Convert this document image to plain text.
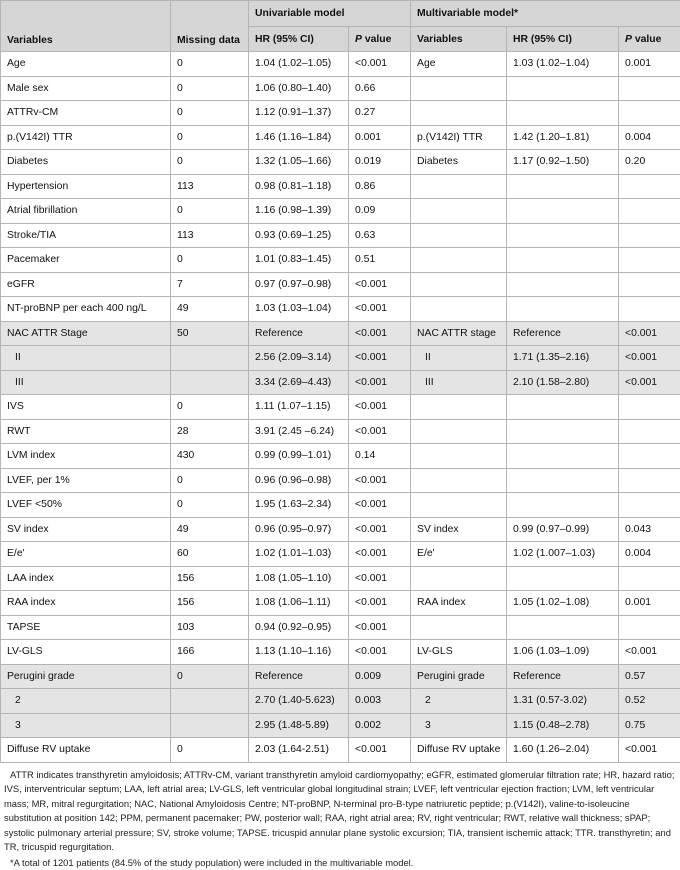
Variables	Missing data	Univariable model		Multivariable model*		
		HR (95% CI)	P value	Variables	HR (95% CI)	P value
Age	0	1.04 (1.02–1.05)	<0.001	Age	1.03 (1.02–1.04)	0.001
Male sex	0	1.06 (0.80–1.40)	0.66			
ATTRv-CM	0	1.12 (0.91–1.37)	0.27			
p.(V142I) TTR	0	1.46 (1.16–1.84)	0.001	p.(V142I) TTR	1.42 (1.20–1.81)	0.004
Diabetes	0	1.32 (1.05–1.66)	0.019	Diabetes	1.17 (0.92–1.50)	0.20
Hypertension	113	0.98 (0.81–1.18)	0.86			
Atrial fibrillation	0	1.16 (0.98–1.39)	0.09			
Stroke/TIA	113	0.93 (0.69–1.25)	0.63			
Pacemaker	0	1.01 (0.83–1.45)	0.51			
eGFR	7	0.97 (0.97–0.98)	<0.001			
NT-proBNP per each 400 ng/L	49	1.03 (1.03–1.04)	<0.001			
NAC ATTR Stage	50	Reference	<0.001	NAC ATTR stage	Reference	<0.001
II		2.56 (2.09–3.14)	<0.001	II	1.71 (1.35–2.16)	<0.001
III		3.34 (2.69–4.43)	<0.001	III	2.10 (1.58–2.80)	<0.001
IVS	0	1.11 (1.07–1.15)	<0.001			
RWT	28	3.91 (2.45 –6.24)	<0.001			
LVM index	430	0.99 (0.99–1.01)	0.14			
LVEF, per 1%	0	0.96 (0.96–0.98)	<0.001			
LVEF <50%	0	1.95 (1.63–2.34)	<0.001			
SV index	49	0.96 (0.95–0.97)	<0.001	SV index	0.99 (0.97–0.99)	0.043
E/e'	60	1.02 (1.01–1.03)	<0.001	E/e'	1.02 (1.007–1.03)	0.004
LAA index	156	1.08 (1.05–1.10)	<0.001			
RAA index	156	1.08 (1.06–1.11)	<0.001	RAA index	1.05 (1.02–1.08)	0.001
TAPSE	103	0.94 (0.92–0.95)	<0.001			
LV-GLS	166	1.13 (1.10–1.16)	<0.001	LV-GLS	1.06 (1.03–1.09)	<0.001
Perugini grade	0	Reference	0.009	Perugini grade	Reference	0.57
2		2.70 (1.40-5.623)	0.003	2	1.31 (0.57-3.02)	0.52
3		2.95 (1.48-5.89)	0.002	3	1.15 (0.48–2.78)	0.75
Diffuse RV uptake	0	2.03 (1.64-2.51)	<0.001	Diffuse RV uptake	1.60 (1.26–2.04)	<0.001

ATTR indicates transthyretin amyloidosis; ATTRv-CM, variant transthyretin amyloid cardiomyopathy; eGFR, estimated glomerular filtration rate; HR, hazard ratio; IVS, interventricular septum; LAA, left atrial area; LV-GLS, left ventricular global longitudinal strain; LVEF, left ventricular ejection fraction; LVM, left ventricular mass; MR, mitral regurgitation; NAC, National Amyloidosis Centre; NT-proBNP, N-terminal pro-B-type natriuretic peptide; p.(V142I), valine-to-isoleucine substitution at position 142; PPM, permanent pacemaker; PW, posterior wall; RAA, right atrial area; RV, right ventricular; RWT, relative wall thickness; sPAP; systolic pulmonary arterial pressure; SV, stroke volume; TAPSE. tricuspid annular plane systolic excursion; TIA, transient ischemic attack; TTR. transthyretin; and TR, tricuspid regurgitation.

*A total of 1201 patients (84.5% of the study population) were included in the multivariable model.
